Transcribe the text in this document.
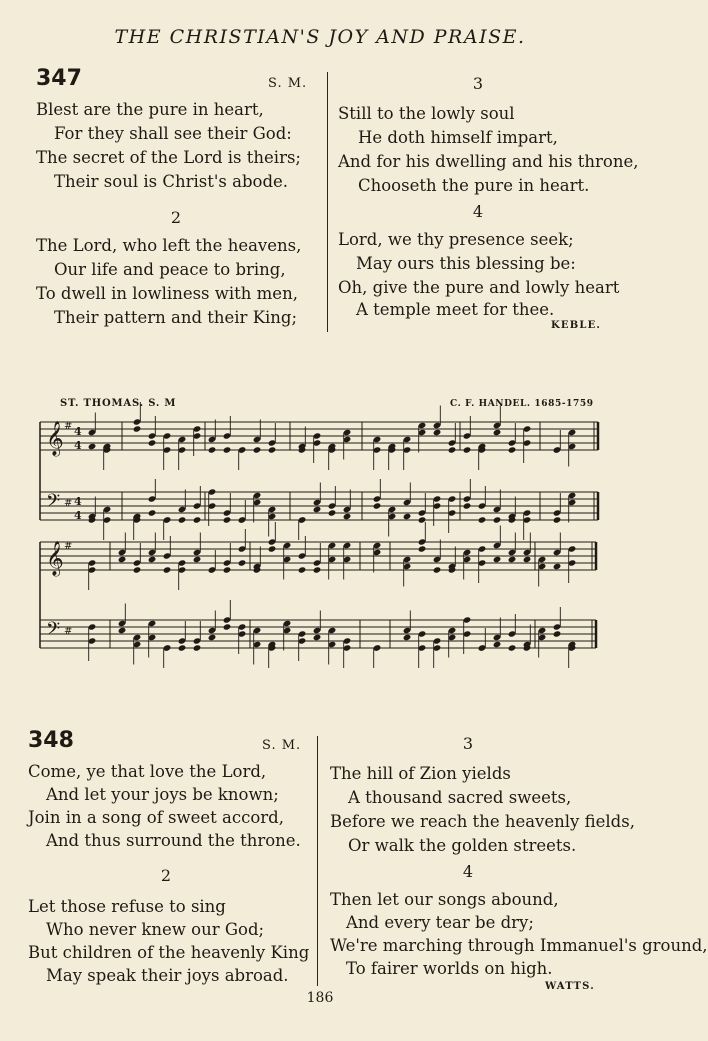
THE CHRISTIAN'S JOY AND PRAISE.
347	S. M.
Blest are the pure in heart,
For they shall see their God:
The secret of the Lord is theirs;
Their soul is Christ's abode.
2
The Lord, who left the heavens,
Our life and peace to bring,
To dwell in lowliness with men,
Their pattern and their King;
3
Still to the lowly soul
He doth himself impart,
And for his dwelling and his throne,
Chooseth the pure in heart.
4
Lord, we thy presence seek;
May ours this blessing be:
Oh, give the pure and lowly heart
A temple meet for thee.
KEBLE.
ST. THOMAS. S. M	C. F. HANDEL. 1685-1759
𝄞 # 4
4
𝄢 # 4
4
𝄞 #
𝄢 #
348	S. M.
Come, ye that love the Lord,
And let your joys be known;
Join in a song of sweet accord,
And thus surround the throne.
2
Let those refuse to sing
Who never knew our God;
But children of the heavenly King
May speak their joys abroad.
3
The hill of Zion yields
A thousand sacred sweets,
Before we reach the heavenly fields,
Or walk the golden streets.
4
Then let our songs abound,
And every tear be dry;
We're marching through Immanuel's ground,
To fairer worlds on high.
WATTS.
186
